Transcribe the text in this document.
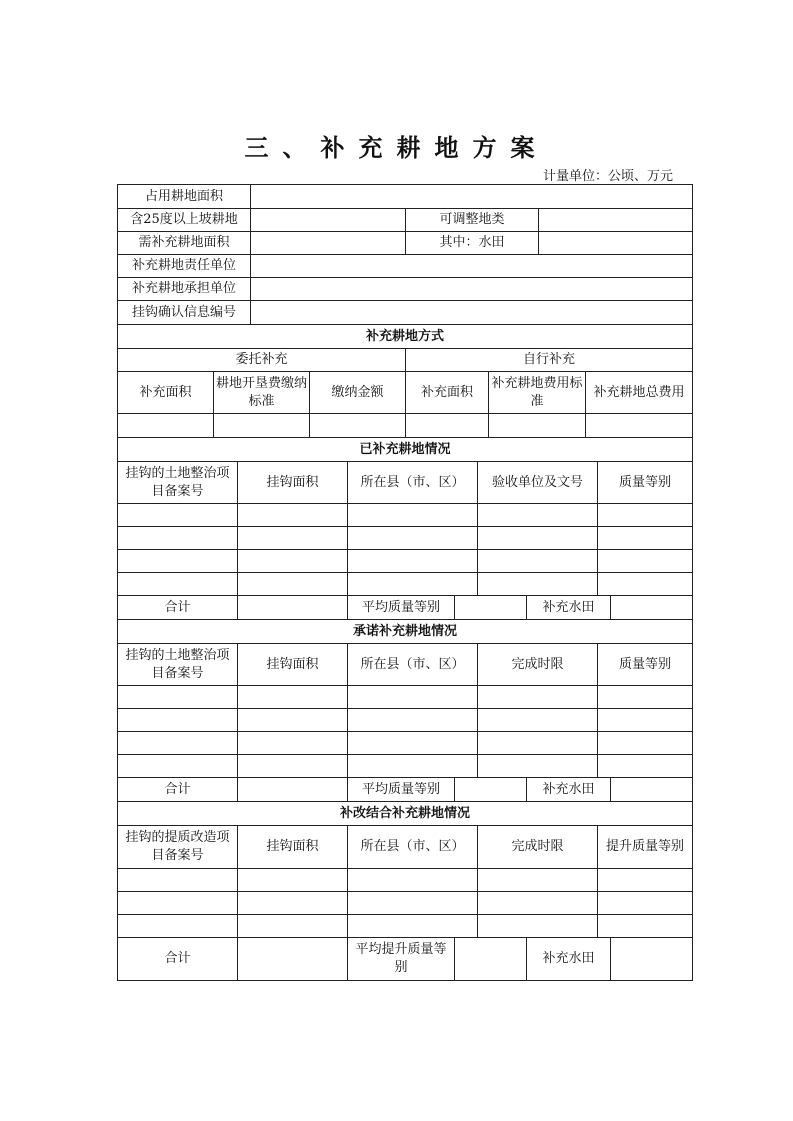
三、补充耕地方案
计量单位：公顷、万元
占用耕地面积			
含25度以上坡耕地		可调整地类	
需补充耕地面积		其中：水田	
补充耕地责任单位			
补充耕地承担单位			
挂钩确认信息编号			
补充耕地方式					
委托补充			自行补充		
补充面积	耕地开垦费缴纳标准	缴纳金额	补充面积	补充耕地费用标准	补充耕地总费用

已补充耕地情况				
挂钩的土地整治项目备案号	挂钩面积	所在县（市、区）	验收单位及文号	质量等别

合计		平均质量等别		补充水田	
承诺补充耕地情况				
挂钩的土地整治项目备案号	挂钩面积	所在县（市、区）	完成时限	质量等别

合计		平均质量等别		补充水田	
补改结合补充耕地情况				
挂钩的提质改造项目备案号	挂钩面积	所在县（市、区）	完成时限	提升质量等别

合计		平均提升质量等别		补充水田	
